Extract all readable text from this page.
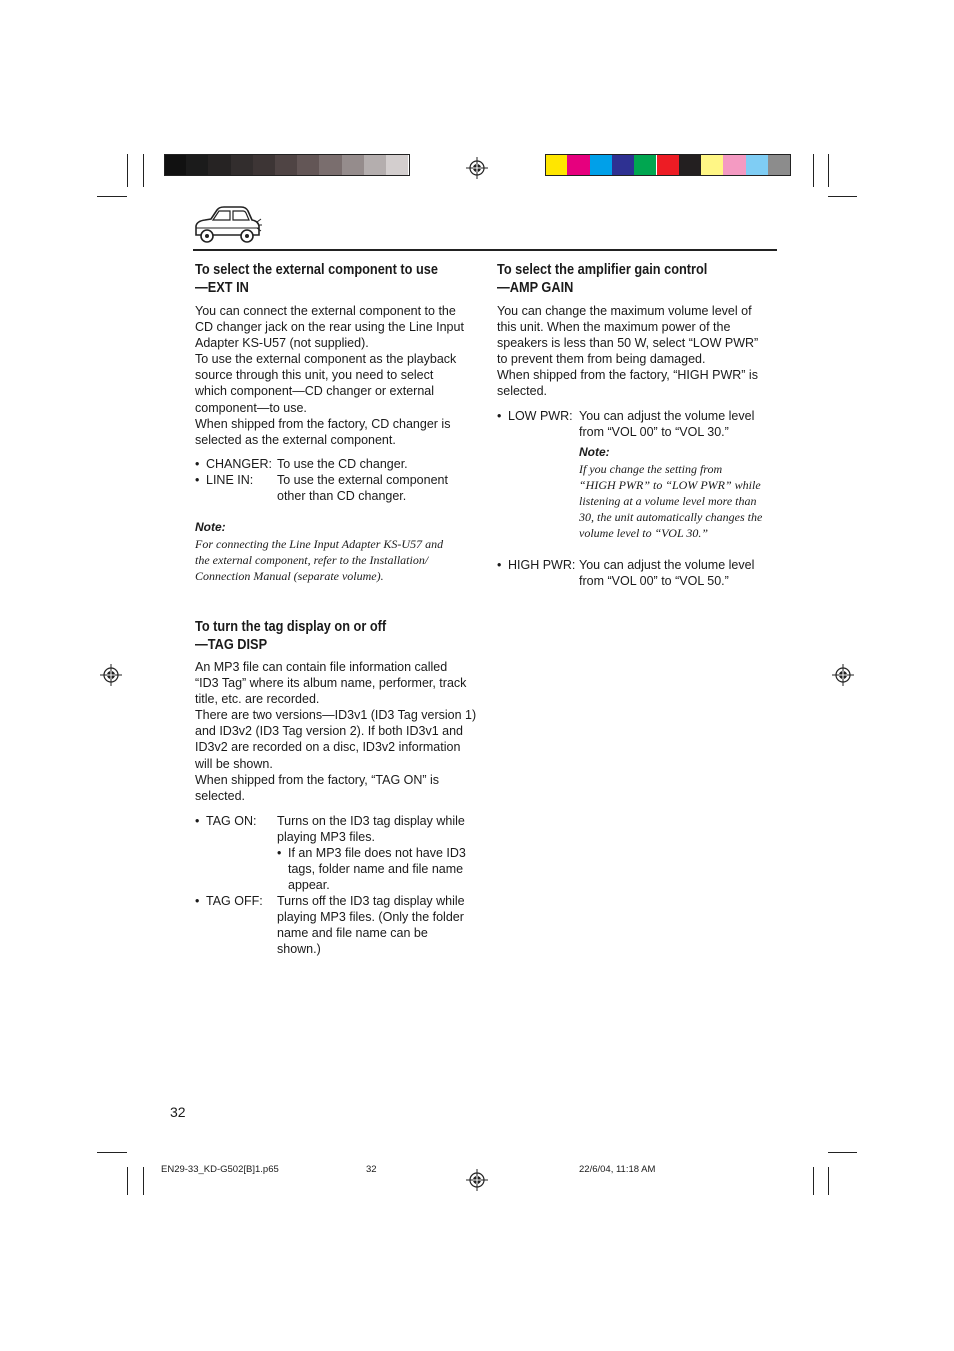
To select the external component to use
—EXT IN
You can connect the external component to the
CD changer jack on the rear using the Line Input
Adapter KS-U57 (not supplied).
To use the external component as the playback
source through this unit, you need to select
which component—CD changer or external
component—to use.
When shipped from the factory, CD changer is
selected as the external component.
• CHANGER: To use the CD changer.
• LINE IN: To use the external component
other than CD changer.
Note:
For connecting the Line Input Adapter KS-U57 and
the external component, refer to the Installation/
Connection Manual (separate volume).
To turn the tag display on or off
—TAG DISP
An MP3 file can contain file information called
“ID3 Tag” where its album name, performer, track
title, etc. are recorded.
There are two versions—ID3v1 (ID3 Tag version 1)
and ID3v2 (ID3 Tag version 2). If both ID3v1 and
ID3v2 are recorded on a disc, ID3v2 information
will be shown.
When shipped from the factory, “TAG ON” is
selected.
• TAG ON: Turns on the ID3 tag display while
playing MP3 files.
• If an MP3 file does not have ID3
tags, folder name and file name
appear.
• TAG OFF: Turns off the ID3 tag display while
playing MP3 files. (Only the folder
name and file name can be
shown.)
To select the amplifier gain control
—AMP GAIN
You can change the maximum volume level of
this unit. When the maximum power of the
speakers is less than 50 W, select “LOW PWR”
to prevent them from being damaged.
When shipped from the factory, “HIGH PWR” is
selected.
• LOW PWR: You can adjust the volume level
from “VOL 00” to “VOL 30.”
Note:
If you change the setting from
“HIGH PWR” to “LOW PWR” while
listening at a volume level more than
30, the unit automatically changes the
volume level to “VOL 30.”
• HIGH PWR: You can adjust the volume level
from “VOL 00” to “VOL 50.”
32
EN29-33_KD-G502[B]1.p65	32	22/6/04, 11:18 AM
